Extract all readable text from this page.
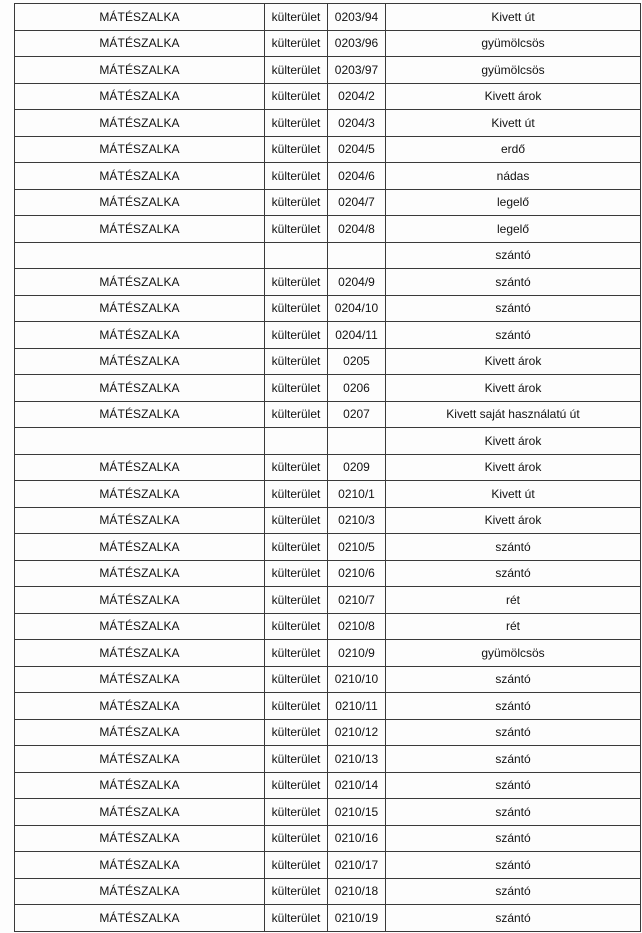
MÁTÉSZALKA	külterület	0203/94	Kivett út
MÁTÉSZALKA	külterület	0203/96	gyümölcsös
MÁTÉSZALKA	külterület	0203/97	gyümölcsös
MÁTÉSZALKA	külterület	0204/2	Kivett árok
MÁTÉSZALKA	külterület	0204/3	Kivett út
MÁTÉSZALKA	külterület	0204/5	erdő
MÁTÉSZALKA	külterület	0204/6	nádas
MÁTÉSZALKA	külterület	0204/7	legelő
MÁTÉSZALKA	külterület	0204/8	legelő
			szántó
MÁTÉSZALKA	külterület	0204/9	szántó
MÁTÉSZALKA	külterület	0204/10	szántó
MÁTÉSZALKA	külterület	0204/11	szántó
MÁTÉSZALKA	külterület	0205	Kivett árok
MÁTÉSZALKA	külterület	0206	Kivett árok
MÁTÉSZALKA	külterület	0207	Kivett saját használatú út
			Kivett árok
MÁTÉSZALKA	külterület	0209	Kivett árok
MÁTÉSZALKA	külterület	0210/1	Kivett út
MÁTÉSZALKA	külterület	0210/3	Kivett árok
MÁTÉSZALKA	külterület	0210/5	szántó
MÁTÉSZALKA	külterület	0210/6	szántó
MÁTÉSZALKA	külterület	0210/7	rét
MÁTÉSZALKA	külterület	0210/8	rét
MÁTÉSZALKA	külterület	0210/9	gyümölcsös
MÁTÉSZALKA	külterület	0210/10	szántó
MÁTÉSZALKA	külterület	0210/11	szántó
MÁTÉSZALKA	külterület	0210/12	szántó
MÁTÉSZALKA	külterület	0210/13	szántó
MÁTÉSZALKA	külterület	0210/14	szántó
MÁTÉSZALKA	külterület	0210/15	szántó
MÁTÉSZALKA	külterület	0210/16	szántó
MÁTÉSZALKA	külterület	0210/17	szántó
MÁTÉSZALKA	külterület	0210/18	szántó
MÁTÉSZALKA	külterület	0210/19	szántó
